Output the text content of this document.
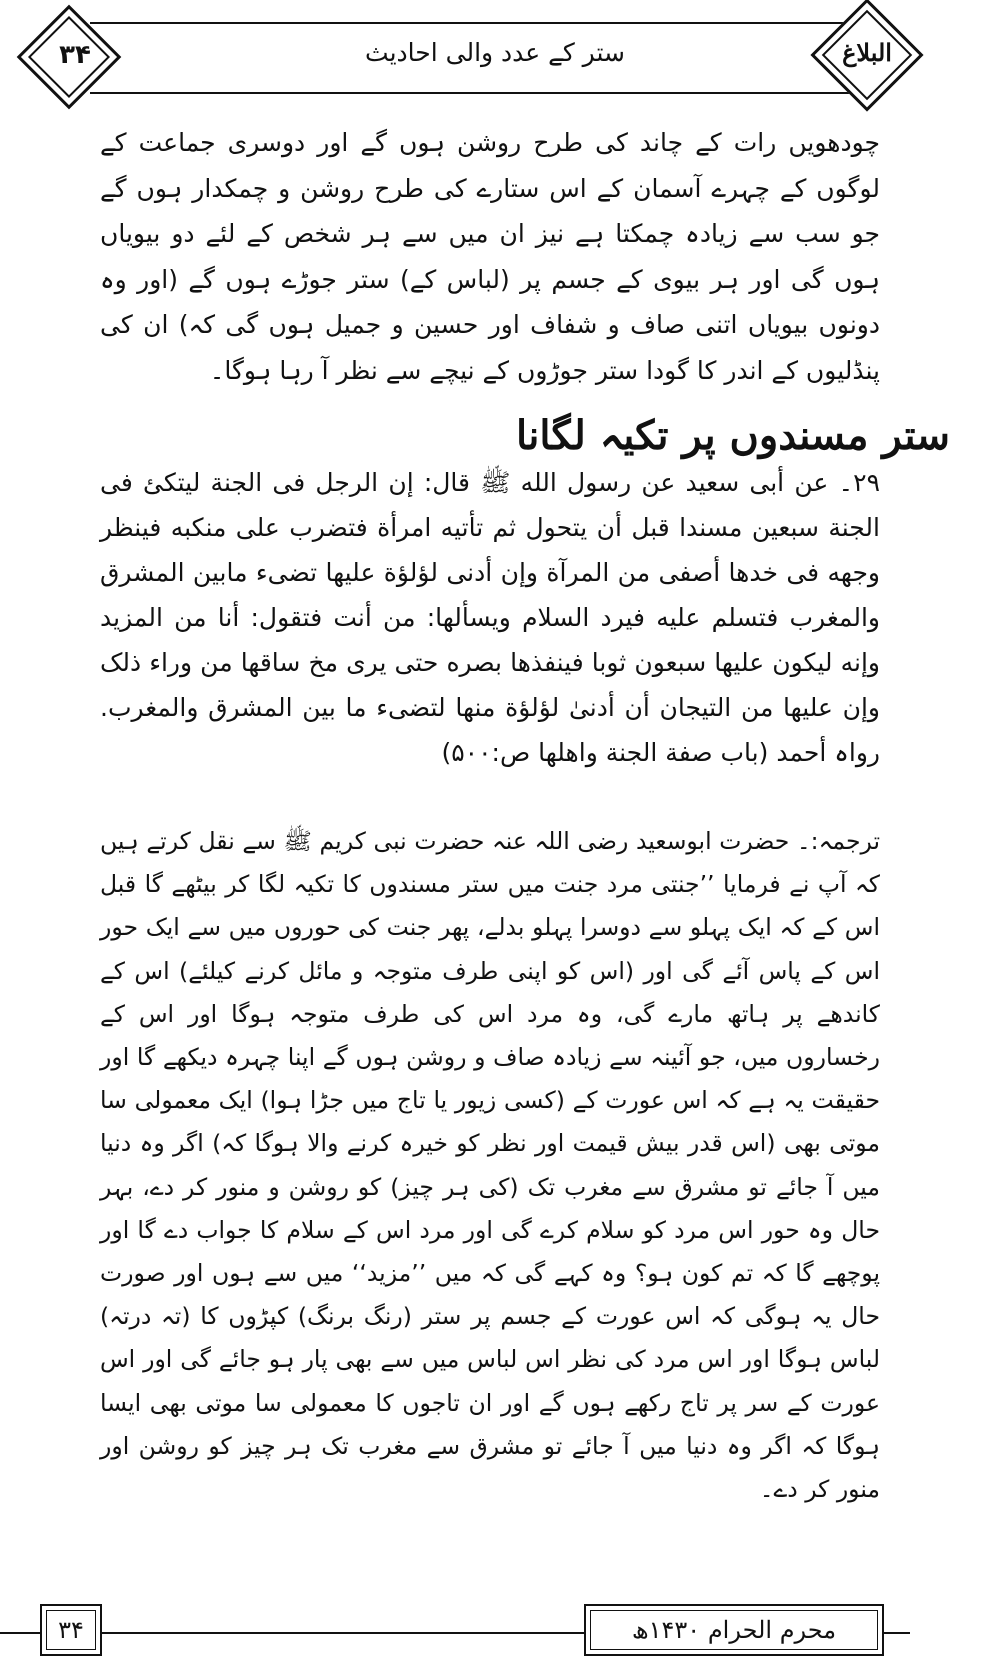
۳۴	ستر کے عدد والی احادیث	البلاغ
چودھویں رات کے چاند کی طرح روشن ہوں گے اور دوسری جماعت کے لوگوں کے چہرے آسمان کے اس ستارے کی طرح روشن و چمکدار ہوں گے جو سب سے زیادہ چمکتا ہے نیز ان میں سے ہر شخص کے لئے دو بیویاں ہوں گی اور ہر بیوی کے جسم پر (لباس کے) ستر جوڑے ہوں گے (اور وہ دونوں بیویاں اتنی صاف و شفاف اور حسین و جمیل ہوں گی کہ) ان کی پنڈلیوں کے اندر کا گودا ستر جوڑوں کے نیچے سے نظر آ رہا ہوگا۔
ستر مسندوں پر تکیہ لگانا
۲۹۔ عن أبی سعید عن رسول الله ﷺ قال: إن الرجل فی الجنة لیتکئ فی الجنة سبعین مسندا قبل أن یتحول ثم تأتیه امرأة فتضرب علی منکبه فینظر وجهه فی خدها أصفی من المرآة وإن أدنی لؤلؤة علیها تضیء مابین المشرق والمغرب فتسلم علیه فیرد السلام ویسألها: من أنت فتقول: أنا من المزید وإنه لیکون علیها سبعون ثوبا فینفذها بصره حتی یری مخ ساقها من وراء ذلک وإن علیها من التیجان أن أدنیٰ لؤلؤة منها لتضیء ما بین المشرق والمغرب. رواہ أحمد (باب صفة الجنة واهلها ص:۵۰۰)
ترجمہ:۔ حضرت ابوسعید رضی اللہ عنہ حضرت نبی کریم ﷺ سے نقل کرتے ہیں کہ آپ نے فرمایا ’’جنتی مرد جنت میں ستر مسندوں کا تکیہ لگا کر بیٹھے گا قبل اس کے کہ ایک پہلو سے دوسرا پہلو بدلے، پھر جنت کی حوروں میں سے ایک حور اس کے پاس آئے گی اور (اس کو اپنی طرف متوجہ و مائل کرنے کیلئے) اس کے کاندھے پر ہاتھ مارے گی، وہ مرد اس کی طرف متوجہ ہوگا اور اس کے رخساروں میں، جو آئینہ سے زیادہ صاف و روشن ہوں گے اپنا چہرہ دیکھے گا اور حقیقت یہ ہے کہ اس عورت کے (کسی زیور یا تاج میں جڑا ہوا) ایک معمولی سا موتی بھی (اس قدر بیش قیمت اور نظر کو خیرہ کرنے والا ہوگا کہ) اگر وہ دنیا میں آ جائے تو مشرق سے مغرب تک (کی ہر چیز) کو روشن و منور کر دے، بہر حال وہ حور اس مرد کو سلام کرے گی اور مرد اس کے سلام کا جواب دے گا اور پوچھے گا کہ تم کون ہو؟ وہ کہے گی کہ میں ’’مزید‘‘ میں سے ہوں اور صورت حال یہ ہوگی کہ اس عورت کے جسم پر ستر (رنگ برنگ) کپڑوں کا (تہ درتہ) لباس ہوگا اور اس مرد کی نظر اس لباس میں سے بھی پار ہو جائے گی اور اس عورت کے سر پر تاج رکھے ہوں گے اور ان تاجوں کا معمولی سا موتی بھی ایسا ہوگا کہ اگر وہ دنیا میں آ جائے تو مشرق سے مغرب تک ہر چیز کو روشن اور منور کر دے۔
۳۴	محرم الحرام ۱۴۳۰ھ
